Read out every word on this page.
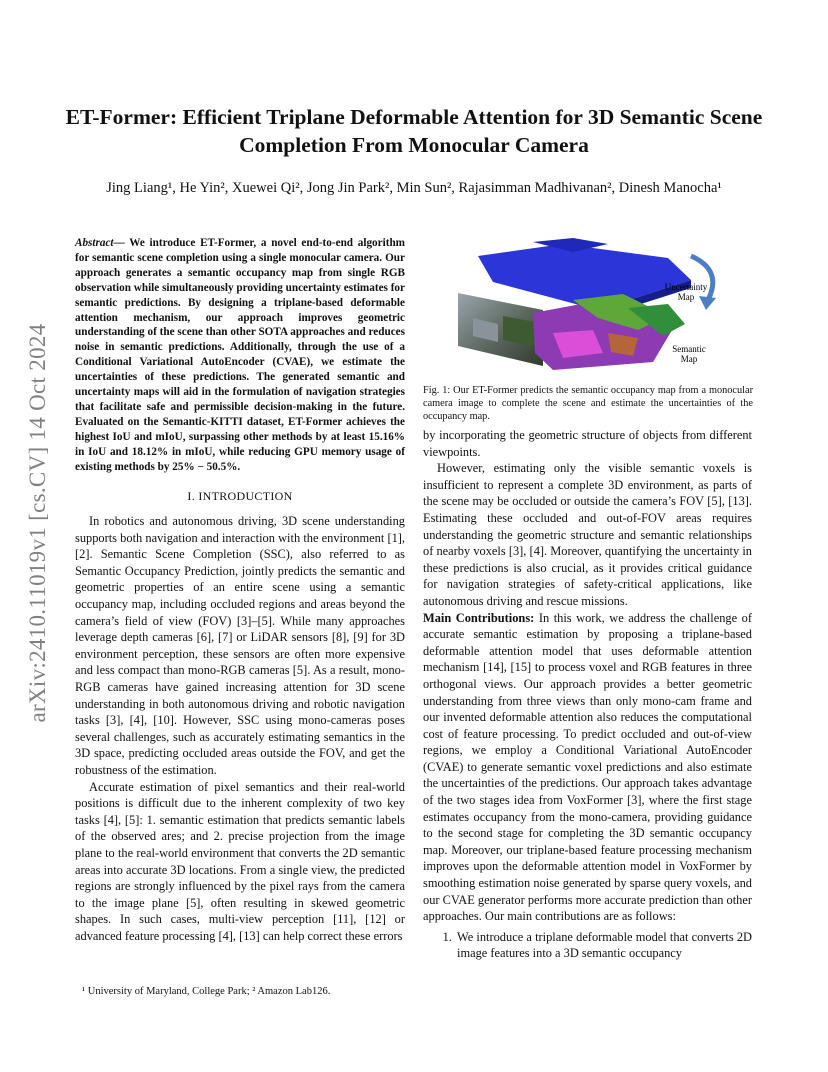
arXiv:2410.11019v1 [cs.CV] 14 Oct 2024
ET-Former: Efficient Triplane Deformable Attention for 3D Semantic Scene Completion From Monocular Camera
Jing Liang¹, He Yin², Xuewei Qi², Jong Jin Park², Min Sun², Rajasimman Madhivanan², Dinesh Manocha¹

Abstract— We introduce ET-Former, a novel end-to-end algorithm for semantic scene completion using a single monocular camera. Our approach generates a semantic occupancy map from single RGB observation while simultaneously providing uncertainty estimates for semantic predictions. By designing a triplane-based deformable attention mechanism, our approach improves geometric understanding of the scene than other SOTA approaches and reduces noise in semantic predictions. Additionally, through the use of a Conditional Variational AutoEncoder (CVAE), we estimate the uncertainties of these predictions. The generated semantic and uncertainty maps will aid in the formulation of navigation strategies that facilitate safe and permissible decision-making in the future. Evaluated on the Semantic-KITTI dataset, ET-Former achieves the highest IoU and mIoU, surpassing other methods by at least 15.16% in IoU and 18.12% in mIoU, while reducing GPU memory usage of existing methods by 25% − 50.5%.

I. INTRODUCTION

In robotics and autonomous driving, 3D scene understanding supports both navigation and interaction with the environment [1], [2]. Semantic Scene Completion (SSC), also referred to as Semantic Occupancy Prediction, jointly predicts the semantic and geometric properties of an entire scene using a semantic occupancy map, including occluded regions and areas beyond the camera’s field of view (FOV) [3]–[5]. While many approaches leverage depth cameras [6], [7] or LiDAR sensors [8], [9] for 3D environment perception, these sensors are often more expensive and less compact than mono-RGB cameras [5]. As a result, mono-RGB cameras have gained increasing attention for 3D scene understanding in both autonomous driving and robotic navigation tasks [3], [4], [10]. However, SSC using mono-cameras poses several challenges, such as accurately estimating semantics in the 3D space, predicting occluded areas outside the FOV, and get the robustness of the estimation.

Accurate estimation of pixel semantics and their real-world positions is difficult due to the inherent complexity of two key tasks [4], [5]: 1. semantic estimation that predicts semantic labels of the observed ares; and 2. precise projection from the image plane to the real-world environment that converts the 2D semantic areas into accurate 3D locations. From a single view, the predicted regions are strongly influenced by the pixel rays from the camera to the image plane [5], often resulting in skewed geometric shapes. In such cases, multi-view perception [11], [12] or advanced feature processing [4], [13] can help correct these errors

¹ University of Maryland, College Park; ² Amazon Lab126.
Uncertainty
Map
Semantic
Map
Fig. 1: Our ET-Former predicts the semantic occupancy map from a monocular camera image to complete the scene and estimate the uncertainties of the occupancy map.

by incorporating the geometric structure of objects from different viewpoints.

However, estimating only the visible semantic voxels is insufficient to represent a complete 3D environment, as parts of the scene may be occluded or outside the camera’s FOV [5], [13]. Estimating these occluded and out-of-FOV areas requires understanding the geometric structure and semantic relationships of nearby voxels [3], [4]. Moreover, quantifying the uncertainty in these predictions is also crucial, as it provides critical guidance for navigation strategies of safety-critical applications, like autonomous driving and rescue missions.

Main Contributions: In this work, we address the challenge of accurate semantic estimation by proposing a triplane-based deformable attention model that uses deformable attention mechanism [14], [15] to process voxel and RGB features in three orthogonal views. Our approach provides a better geometric understanding from three views than only mono-cam frame and our invented deformable attention also reduces the computational cost of feature processing. To predict occluded and out-of-view regions, we employ a Conditional Variational AutoEncoder (CVAE) to generate semantic voxel predictions and also estimate the uncertainties of the predictions. Our approach takes advantage of the two stages idea from VoxFormer [3], where the first stage estimates occupancy from the mono-camera, providing guidance to the second stage for completing the 3D semantic occupancy map. Moreover, our triplane-based feature processing mechanism improves upon the deformable attention model in VoxFormer by smoothing estimation noise generated by sparse query voxels, and our CVAE generator performs more accurate prediction than other approaches. Our main contributions are as follows:

1. We introduce a triplane deformable model that converts 2D image features into a 3D semantic occupancy
